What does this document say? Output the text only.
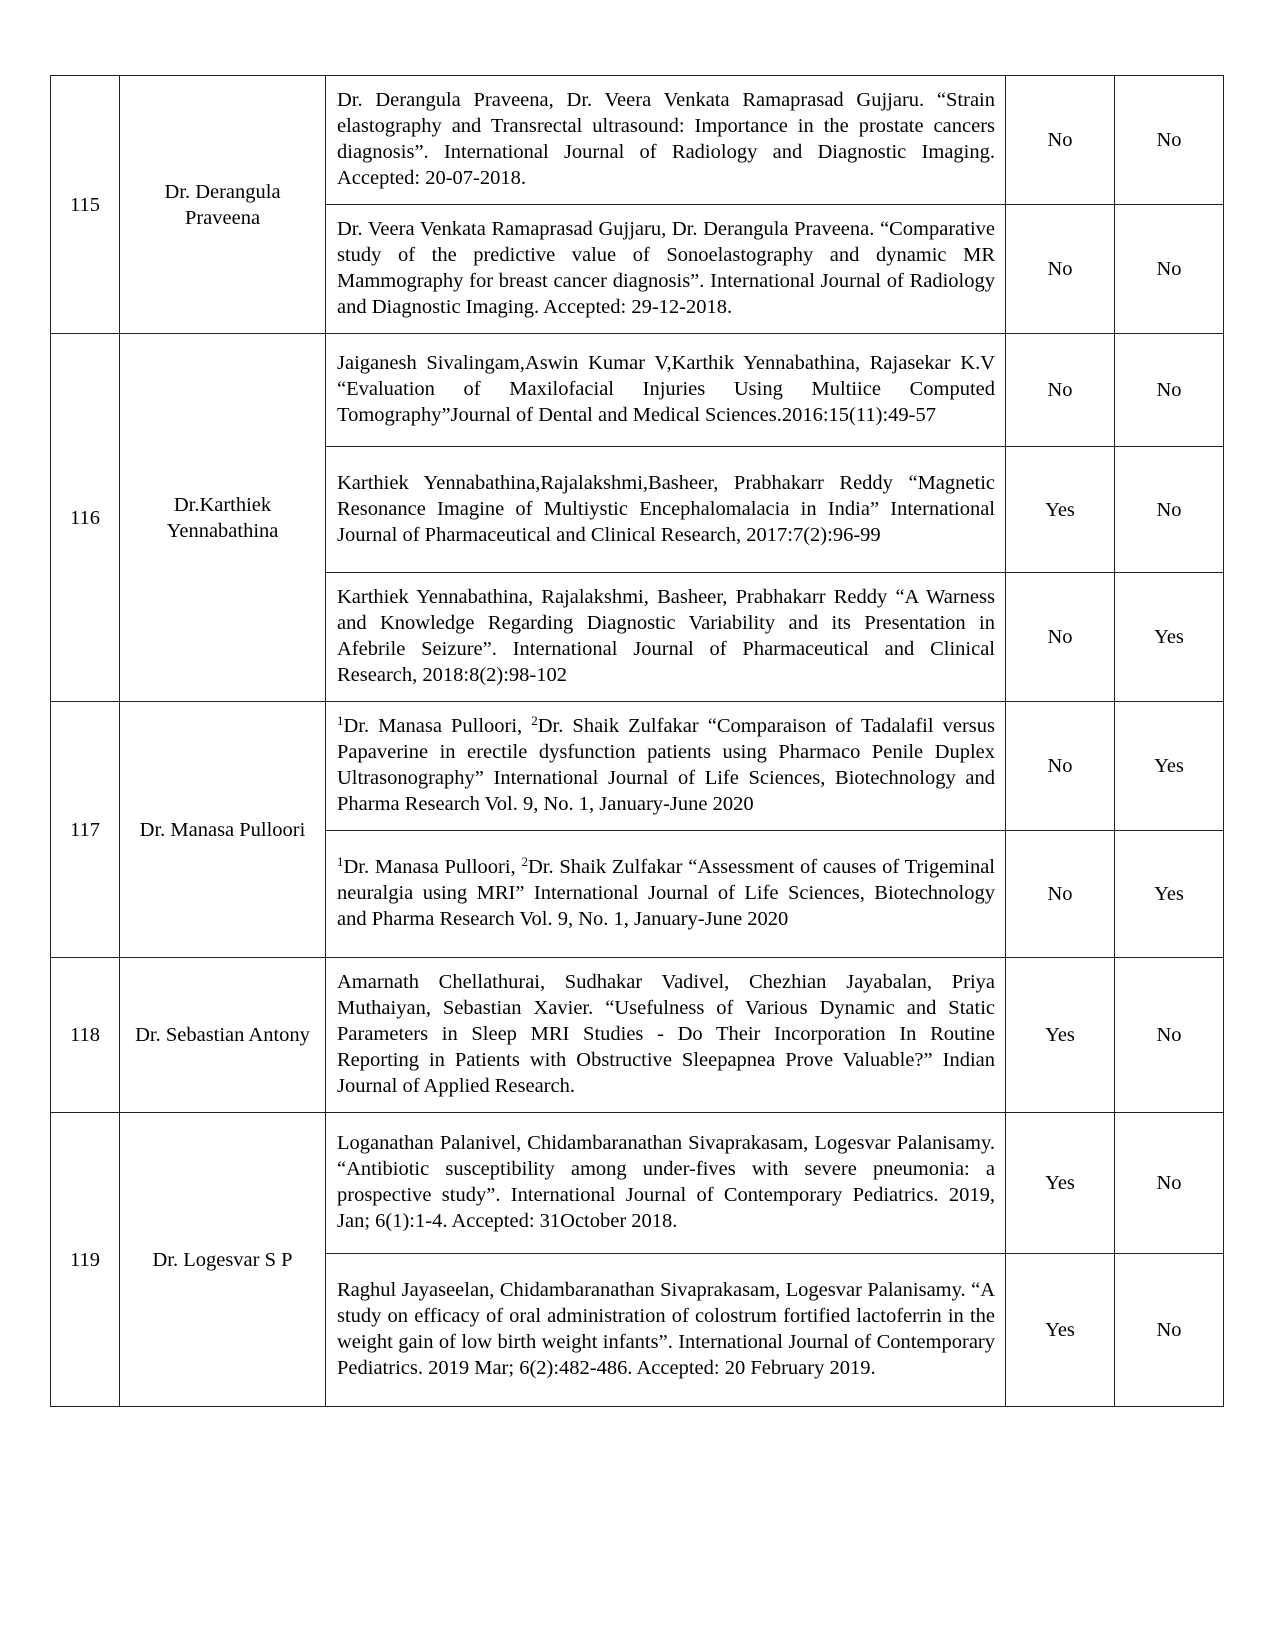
115	Dr. Derangula Praveena	Dr. Derangula Praveena, Dr. Veera Venkata Ramaprasad Gujjaru. “Strain elastography and Transrectal ultrasound: Importance in the prostate cancers diagnosis”. International Journal of Radiology and Diagnostic Imaging. Accepted: 20-07-2018.	No	No
		Dr. Veera Venkata Ramaprasad Gujjaru, Dr. Derangula Praveena. “Comparative study of the predictive value of Sonoelastography and dynamic MR Mammography for breast cancer diagnosis”. International Journal of Radiology and Diagnostic Imaging. Accepted: 29-12-2018.	No	No
116	Dr.Karthiek Yennabathina	Jaiganesh Sivalingam,Aswin Kumar V,Karthik Yennabathina, Rajasekar K.V “Evaluation of Maxilofacial Injuries Using Multiice Computed Tomography”Journal of Dental and Medical Sciences.2016:15(11):49-57	No	No
		Karthiek Yennabathina,Rajalakshmi,Basheer, Prabhakarr Reddy “Magnetic Resonance Imagine of Multiystic Encephalomalacia in India” International Journal of Pharmaceutical and Clinical Research, 2017:7(2):96-99	Yes	No
		Karthiek Yennabathina, Rajalakshmi, Basheer, Prabhakarr Reddy “A Warness and Knowledge Regarding Diagnostic Variability and its Presentation in Afebrile Seizure”. International Journal of Pharmaceutical and Clinical Research, 2018:8(2):98-102	No	Yes
117	Dr. Manasa Pulloori	$^1$Dr. Manasa Pulloori, $^2$Dr. Shaik Zulfakar “Comparaison of Tadalafil versus Papaverine in erectile dysfunction patients using Pharmaco Penile Duplex Ultrasonography” International Journal of Life Sciences, Biotechnology and Pharma Research Vol. 9, No. 1, January-June 2020	No	Yes
		$^1$Dr. Manasa Pulloori, $^2$Dr. Shaik Zulfakar “Assessment of causes of Trigeminal neuralgia using MRI” International Journal of Life Sciences, Biotechnology and Pharma Research Vol. 9, No. 1, January-June 2020	No	Yes
118	Dr. Sebastian Antony	Amarnath Chellathurai, Sudhakar Vadivel, Chezhian Jayabalan, Priya Muthaiyan, Sebastian Xavier. “Usefulness of Various Dynamic and Static Parameters in Sleep MRI Studies - Do Their Incorporation In Routine Reporting in Patients with Obstructive Sleepapnea Prove Valuable?” Indian Journal of Applied Research.	Yes	No
119	Dr. Logesvar S P	Loganathan Palanivel, Chidambaranathan Sivaprakasam, Logesvar Palanisamy. “Antibiotic susceptibility among under-fives with severe pneumonia: a prospective study”. International Journal of Contemporary Pediatrics. 2019, Jan; 6(1):1-4. Accepted: 31October 2018.	Yes	No
		Raghul Jayaseelan, Chidambaranathan Sivaprakasam, Logesvar Palanisamy. “A study on efficacy of oral administration of colostrum fortified lactoferrin in the weight gain of low birth weight infants”. International Journal of Contemporary Pediatrics. 2019 Mar; 6(2):482-486. Accepted: 20 February 2019.	Yes	No
